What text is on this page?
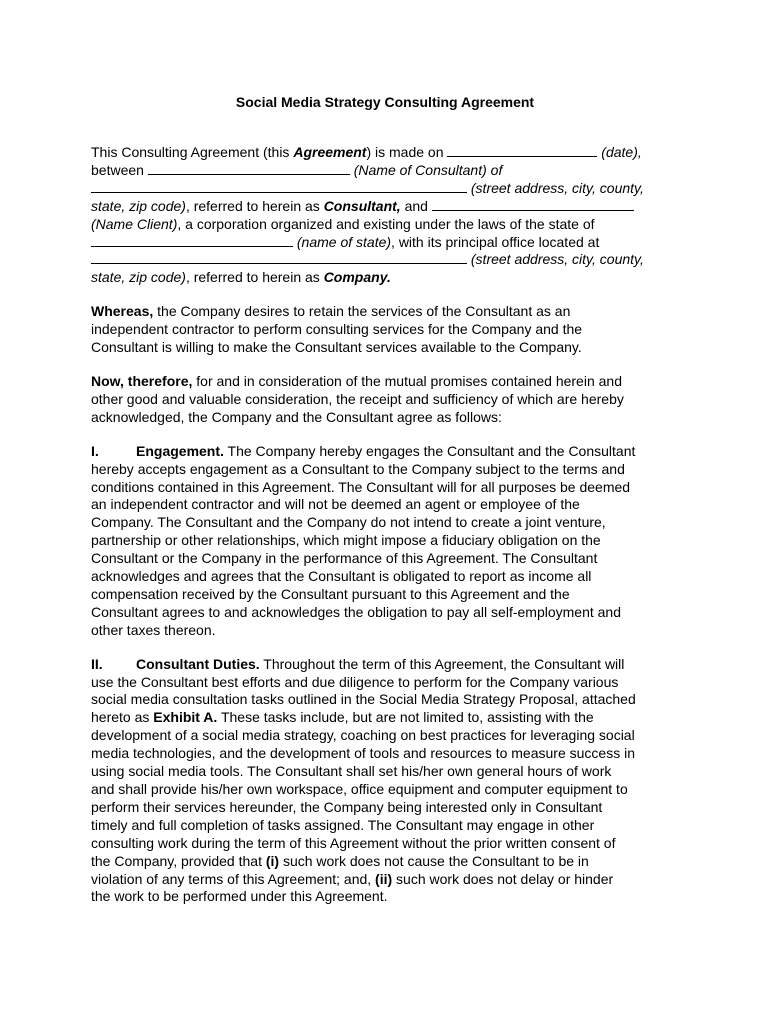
Social Media Strategy Consulting Agreement
This Consulting Agreement (this Agreement) is made on	(date),
between	(Name of Consultant) of
(street address, city, county,
state, zip code), referred to herein as Consultant, and
(Name Client), a corporation organized and existing under the laws of the state of
(name of state), with its principal office located at
(street address, city, county,
state, zip code), referred to herein as Company.
Whereas, the Company desires to retain the services of the Consultant as an
independent contractor to perform consulting services for the Company and the
Consultant is willing to make the Consultant services available to the Company.
Now, therefore, for and in consideration of the mutual promises contained herein and
other good and valuable consideration, the receipt and sufficiency of which are hereby
acknowledged, the Company and the Consultant agree as follows:
I.	Engagement. The Company hereby engages the Consultant and the Consultant
hereby accepts engagement as a Consultant to the Company subject to the terms and
conditions contained in this Agreement. The Consultant will for all purposes be deemed
an independent contractor and will not be deemed an agent or employee of the
Company. The Consultant and the Company do not intend to create a joint venture,
partnership or other relationships, which might impose a fiduciary obligation on the
Consultant or the Company in the performance of this Agreement. The Consultant
acknowledges and agrees that the Consultant is obligated to report as income all
compensation received by the Consultant pursuant to this Agreement and the
Consultant agrees to and acknowledges the obligation to pay all self-employment and
other taxes thereon.
II. Consultant Duties. Throughout the term of this Agreement, the Consultant will
use the Consultant best efforts and due diligence to perform for the Company various
social media consultation tasks outlined in the Social Media Strategy Proposal, attached
hereto as Exhibit A. These tasks include, but are not limited to, assisting with the
development of a social media strategy, coaching on best practices for leveraging social
media technologies, and the development of tools and resources to measure success in
using social media tools. The Consultant shall set his/her own general hours of work
and shall provide his/her own workspace, office equipment and computer equipment to
perform their services hereunder, the Company being interested only in Consultant
timely and full completion of tasks assigned. The Consultant may engage in other
consulting work during the term of this Agreement without the prior written consent of
the Company, provided that (i) such work does not cause the Consultant to be in
violation of any terms of this Agreement; and, (ii) such work does not delay or hinder
the work to be performed under this Agreement.
